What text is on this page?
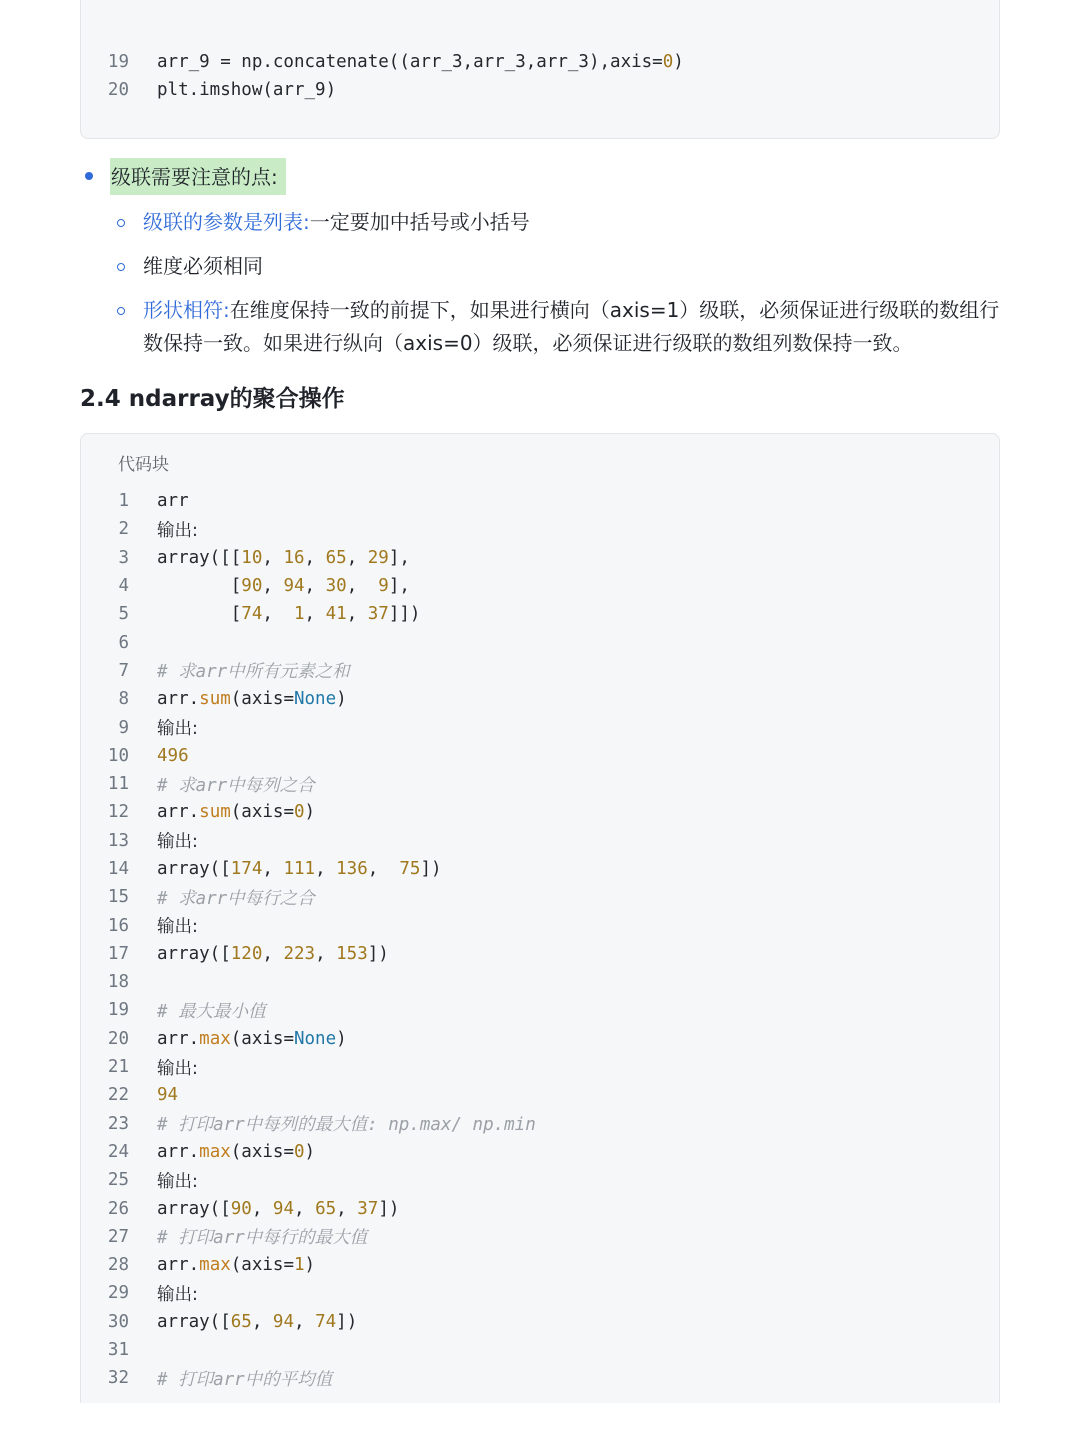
19 arr_9 = np.concatenate((arr_3,arr_3,arr_3),axis=0)
20 plt.imshow(arr_9)
级联需要注意的点:
级联的参数是列表:一定要加中括号或小括号
维度必须相同
形状相符:在维度保持一致的前提下，如果进行横向（axis=1）级联，必须保证进行级联的数组行数保持一致。如果进行纵向（axis=0）级联，必须保证进行级联的数组列数保持一致。
2.4 ndarray的聚合操作
代码块
1 arr
2 输出:
3 array([[10, 16, 65, 29],
4 [90, 94, 30,  9],
5 [74,  1, 41, 37]])
6
7 # 求arr中所有元素之和
8 arr.sum(axis=None)
9 输出:
10 496
11 # 求arr中每列之合
12 arr.sum(axis=0)
13 输出:
14 array([174, 111, 136,  75])
15 # 求arr中每行之合
16 输出:
17 array([120, 223, 153])
18
19 # 最大最小值
20 arr.max(axis=None)
21 输出:
22 94
23 # 打印arr中每列的最大值: np.max/ np.min
24 arr.max(axis=0)
25 输出:
26 array([90, 94, 65, 37])
27 # 打印arr中每行的最大值
28 arr.max(axis=1)
29 输出:
30 array([65, 94, 74])
31
32 # 打印arr中的平均值
